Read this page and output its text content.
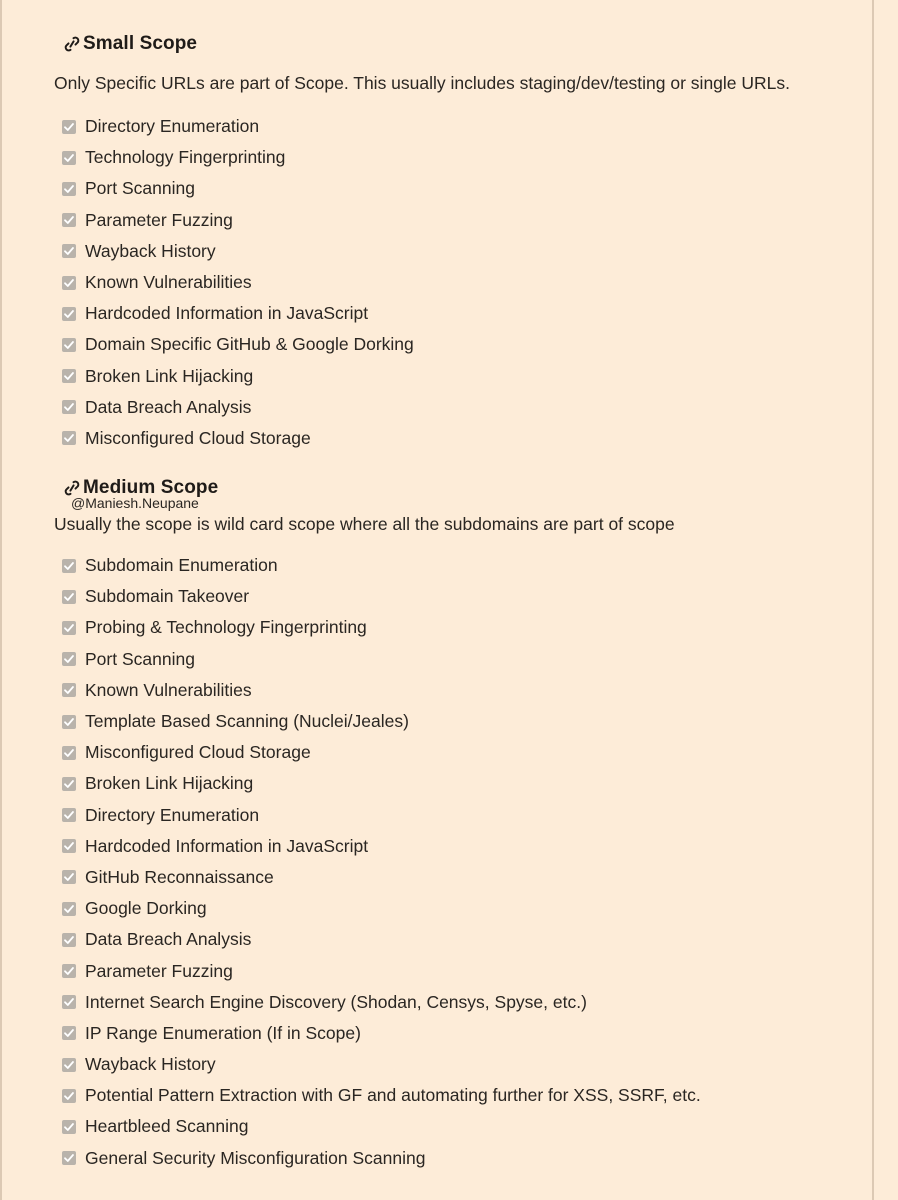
Small Scope
Only Specific URLs are part of Scope. This usually includes staging/dev/testing or single URLs.
Directory Enumeration
Technology Fingerprinting
Port Scanning
Parameter Fuzzing
Wayback History
Known Vulnerabilities
Hardcoded Information in JavaScript
Domain Specific GitHub & Google Dorking
Broken Link Hijacking
Data Breach Analysis
Misconfigured Cloud Storage
Medium Scope
@Maniesh.Neupane
Usually the scope is wild card scope where all the subdomains are part of scope
Subdomain Enumeration
Subdomain Takeover
Probing & Technology Fingerprinting
Port Scanning
Known Vulnerabilities
Template Based Scanning (Nuclei/Jeales)
Misconfigured Cloud Storage
Broken Link Hijacking
Directory Enumeration
Hardcoded Information in JavaScript
GitHub Reconnaissance
Google Dorking
Data Breach Analysis
Parameter Fuzzing
Internet Search Engine Discovery (Shodan, Censys, Spyse, etc.)
IP Range Enumeration (If in Scope)
Wayback History
Potential Pattern Extraction with GF and automating further for XSS, SSRF, etc.
Heartbleed Scanning
General Security Misconfiguration Scanning
